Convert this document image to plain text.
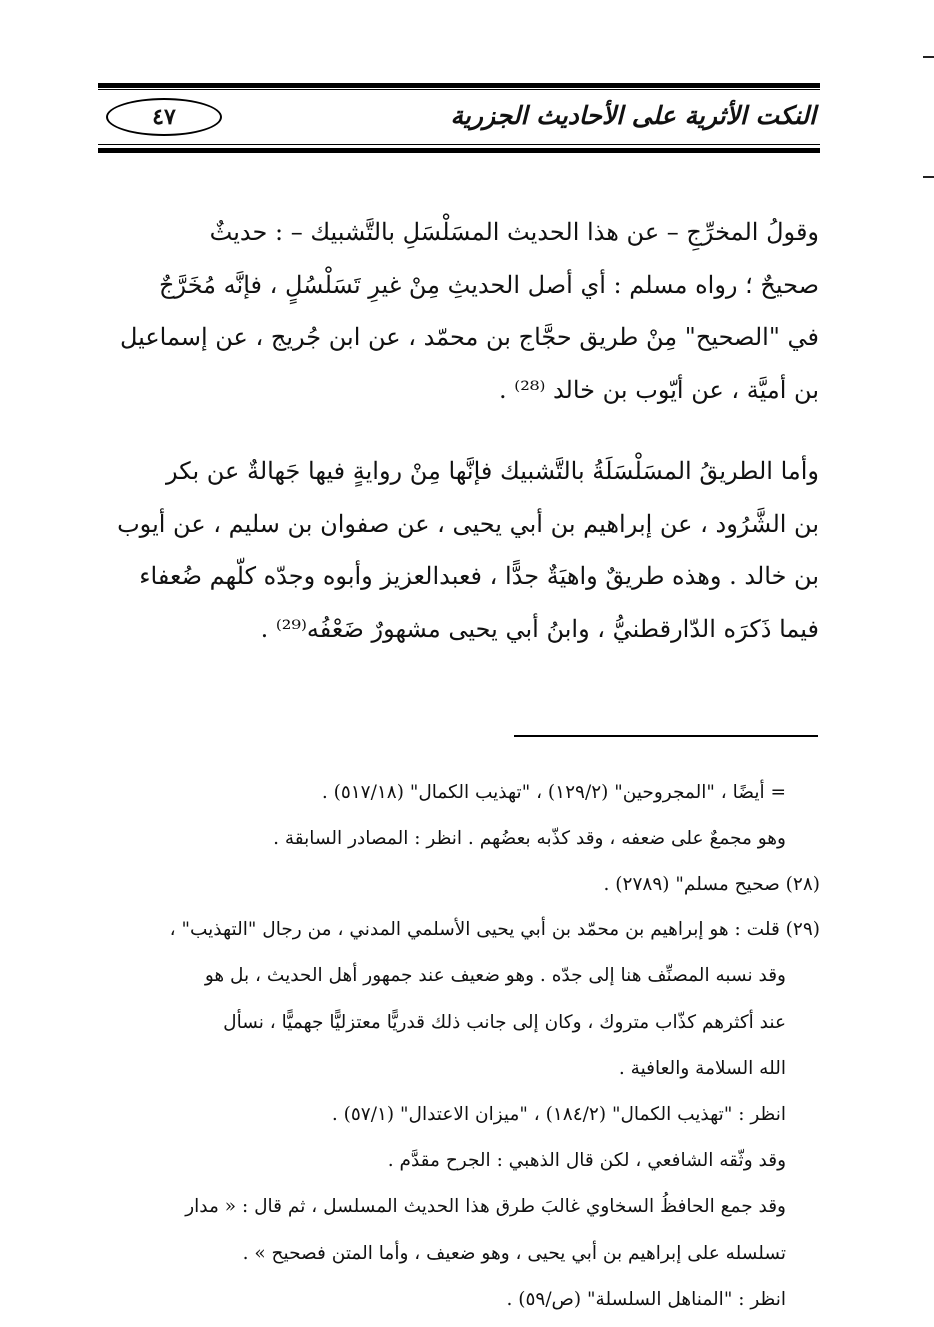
النكت الأثرية على الأحاديث الجزرية
٤٧

وقولُ المخرِّجِ – عن هذا الحديث المسَلْسَلِ بالتَّشبيك – : حديثٌ
صحيحٌ ؛ رواه مسلم : أي أصل الحديثِ مِنْ غيرِ تَسَلْسُلٍ ، فإنَّه مُخَرَّجٌ
في "الصحيح" مِنْ طريق حجَّاج بن محمّد ، عن ابن جُريج ، عن إسماعيل
بن أميَّة ، عن أيّوب بن خالد ⁽²⁸⁾ .

وأما الطريقُ المسَلْسَلَةُ بالتَّشبيك فإنَّها مِنْ روايةٍ فيها جَهالةٌ عن بكر
بن الشَّرُود ، عن إبراهيم بن أبي يحيى ، عن صفوان بن سليم ، عن أيوب
بن خالد . وهذه طريقٌ واهيَةٌ جدًّا ، فعبدالعزيز وأبوه وجدّه كلّهم ضُعفاء
فيما ذَكرَه الدّارقطنيُّ ، وابنُ أبي يحيى مشهورٌ ضَعْفُه⁽²⁹⁾ .

= أيضًا ، "المجروحين" (١٢٩/٢) ، "تهذيب الكمال" (٥١٧/١٨) .
وهو مجمعٌ على ضعفه ، وقد كذّبه بعضُهم . انظر : المصادر السابقة .
(٢٨) صحيح مسلم" (٢٧٨٩) .
(٢٩) قلت : هو إبراهيم بن محمّد بن أبي يحيى الأسلمي المدني ، من رجال "التهذيب" ،
وقد نسبه المصنِّف هنا إلى جدّه . وهو ضعيف عند جمهور أهل الحديث ، بل هو
عند أكثرهم كذّاب متروك ، وكان إلى جانب ذلك قدريًّا معتزليًّا جهميًّا ، نسأل
الله السلامة والعافية .
انظر : "تهذيب الكمال" (١٨٤/٢) ، "ميزان الاعتدال" (٥٧/١) .
وقد وثّقه الشافعي ، لكن قال الذهبي : الجرح مقدَّم .
وقد جمع الحافظُ السخاوي غالبَ طرق هذا الحديث المسلسل ، ثم قال : « مدار
تسلسله على إبراهيم بن أبي يحيى ، وهو ضعيف ، وأما المتن فصحيح » .
انظر : "المناهل السلسلة" (ص/٥٩) .
